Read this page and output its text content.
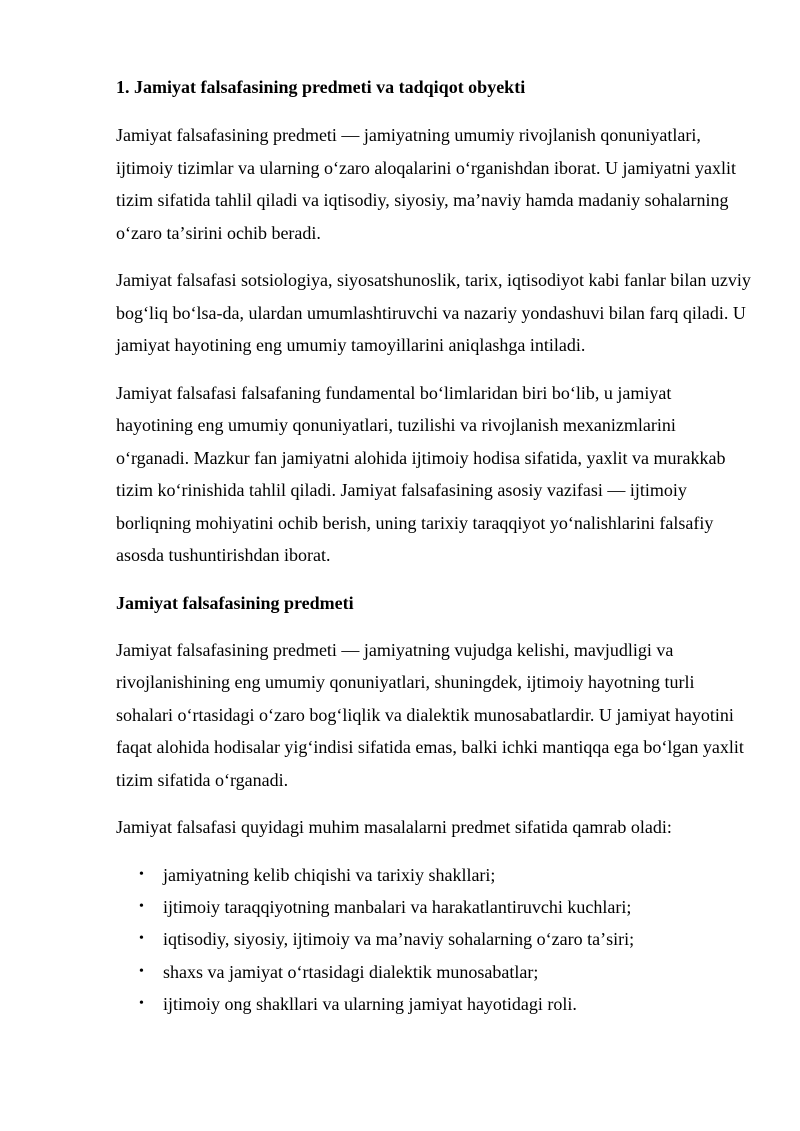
1. Jamiyat falsafasining predmeti va tadqiqot obyekti

Jamiyat falsafasining predmeti — jamiyatning umumiy rivojlanish qonuniyatlari, ijtimoiy tizimlar va ularning oʻzaro aloqalarini oʻrganishdan iborat. U jamiyatni yaxlit tizim sifatida tahlil qiladi va iqtisodiy, siyosiy, maʼnaviy hamda madaniy sohalarning oʻzaro taʼsirini ochib beradi.

Jamiyat falsafasi sotsiologiya, siyosatshunoslik, tarix, iqtisodiyot kabi fanlar bilan uzviy bogʻliq boʻlsa-da, ulardan umumlashtiruvchi va nazariy yondashuvi bilan farq qiladi. U jamiyat hayotining eng umumiy tamoyillarini aniqlashga intiladi.

Jamiyat falsafasi falsafaning fundamental boʻlimlaridan biri boʻlib, u jamiyat hayotining eng umumiy qonuniyatlari, tuzilishi va rivojlanish mexanizmlarini oʻrganadi. Mazkur fan jamiyatni alohida ijtimoiy hodisa sifatida, yaxlit va murakkab tizim koʻrinishida tahlil qiladi. Jamiyat falsafasining asosiy vazifasi — ijtimoiy borliqning mohiyatini ochib berish, uning tarixiy taraqqiyot yoʻnalishlarini falsafiy asosda tushuntirishdan iborat.

Jamiyat falsafasining predmeti

Jamiyat falsafasining predmeti — jamiyatning vujudga kelishi, mavjudligi va rivojlanishining eng umumiy qonuniyatlari, shuningdek, ijtimoiy hayotning turli sohalari oʻrtasidagi oʻzaro bogʻliqlik va dialektik munosabatlardir. U jamiyat hayotini faqat alohida hodisalar yigʻindisi sifatida emas, balki ichki mantiqqa ega boʻlgan yaxlit tizim sifatida oʻrganadi.

Jamiyat falsafasi quyidagi muhim masalalarni predmet sifatida qamrab oladi:

• jamiyatning kelib chiqishi va tarixiy shakllari;
• ijtimoiy taraqqiyotning manbalari va harakatlantiruvchi kuchlari;
• iqtisodiy, siyosiy, ijtimoiy va maʼnaviy sohalarning oʻzaro taʼsiri;
• shaxs va jamiyat oʻrtasidagi dialektik munosabatlar;
• ijtimoiy ong shakllari va ularning jamiyat hayotidagi roli.
